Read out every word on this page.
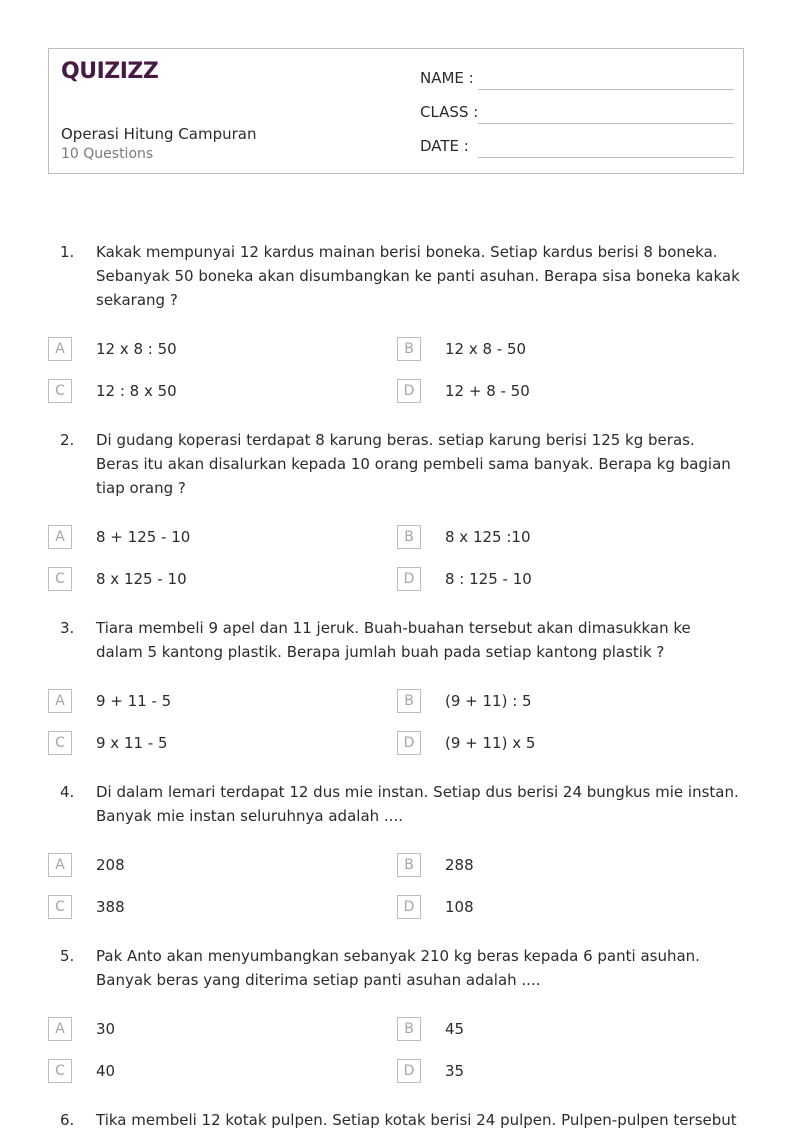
QUIZIZZ
Operasi Hitung Campuran
10 Questions
NAME :
CLASS :
DATE :
1. Kakak mempunyai 12 kardus mainan berisi boneka. Setiap kardus berisi 8 boneka. Sebanyak 50 boneka akan disumbangkan ke panti asuhan. Berapa sisa boneka kakak sekarang ?
A	12 x 8 : 50	B	12 x 8 - 50
C	12 : 8 x 50	D	12 + 8 - 50
2. Di gudang koperasi terdapat 8 karung beras. setiap karung berisi 125 kg beras. Beras itu akan disalurkan kepada 10 orang pembeli sama banyak. Berapa kg bagian tiap orang ?
A	8 + 125 - 10	B	8 x 125 :10
C	8 x 125 - 10	D	8 : 125 - 10
3. Tiara membeli 9 apel dan 11 jeruk. Buah-buahan tersebut akan dimasukkan ke dalam 5 kantong plastik. Berapa jumlah buah pada setiap kantong plastik ?
A	9 + 11 - 5	B	(9 + 11) : 5
C	9 x 11 - 5	D	(9 + 11) x 5
4. Di dalam lemari terdapat 12 dus mie instan. Setiap dus berisi 24 bungkus mie instan. Banyak mie instan seluruhnya adalah ....
A	208	B	288
C	388	D	108
5. Pak Anto akan menyumbangkan sebanyak 210 kg beras kepada 6 panti asuhan. Banyak beras yang diterima setiap panti asuhan adalah ....
A	30	B	45
C	40	D	35
6. Tika membeli 12 kotak pulpen. Setiap kotak berisi 24 pulpen. Pulpen-pulpen tersebut
